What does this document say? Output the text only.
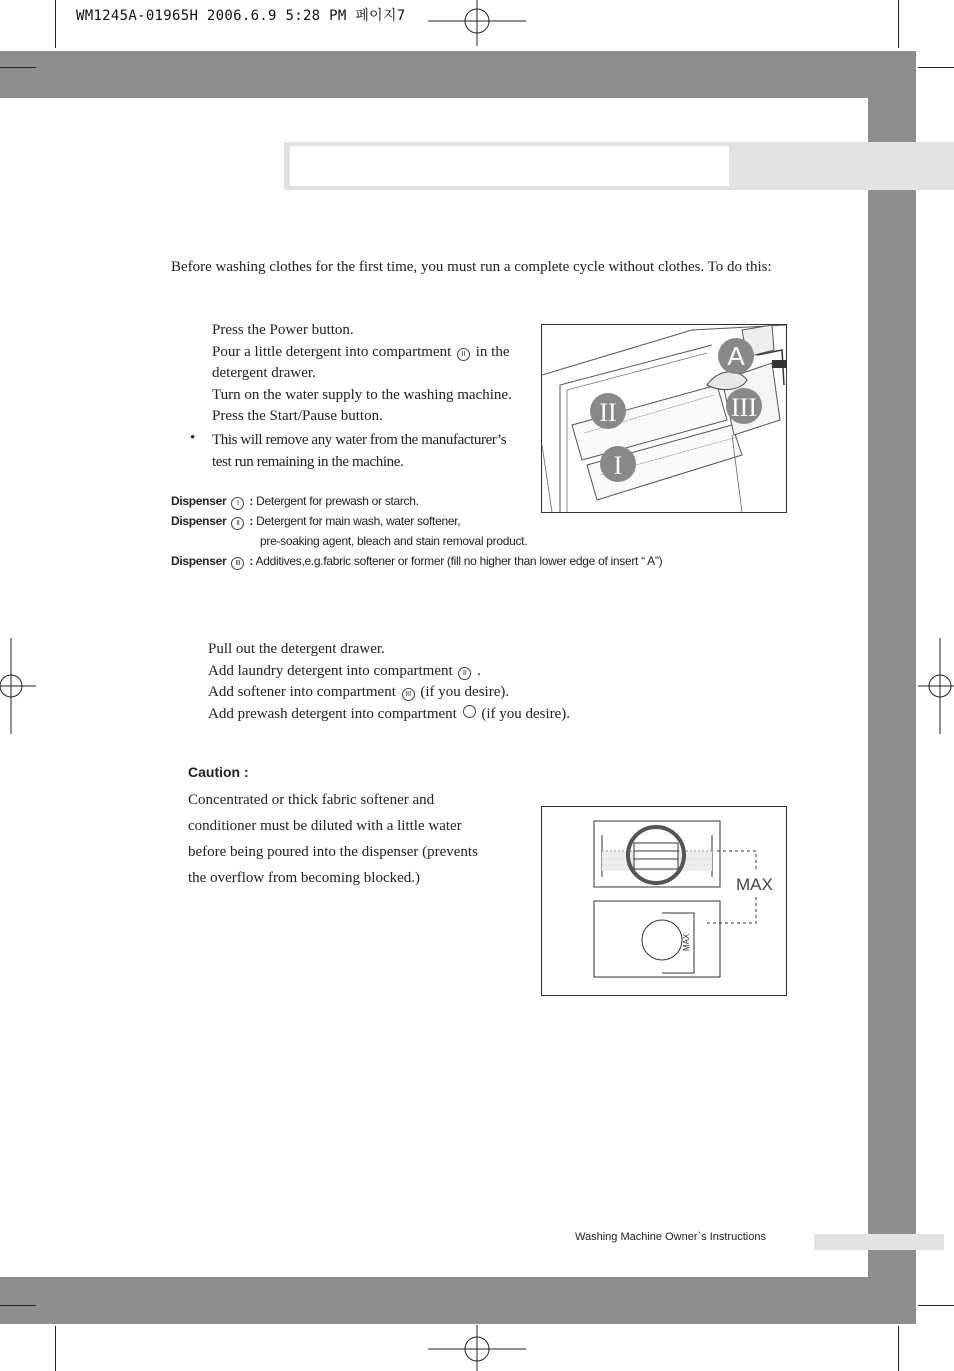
WM1245A-01965H 2006.6.9 5:28 PM 페이지7
Before washing clothes for the first time, you must run a complete cycle without clothes. To do this:
Press the Power button.
Pour a little detergent into compartment II in the
detergent drawer.
Turn on the water supply to the washing machine.
Press the Start/Pause button.
• This will remove any water from the manufacturer’s
test run remaining in the machine.
A
II	III
I
Dispenser I : Detergent for prewash or starch.
Dispenser II : Detergent for main wash, water softener,
pre-soaking agent, bleach and stain removal product.
Dispenser III : Additives,e.g.fabric softener or former (fill no higher than lower edge of insert “ A”)
Pull out the detergent drawer.
Add laundry detergent into compartment II .
Add softener into compartment III (if you desire).
Add prewash detergent into compartment (if you desire).
Caution :
Concentrated or thick fabric softener and
conditioner must be diluted with a little water
before being poured into the dispenser (prevents
the overflow from becoming blocked.)
MAX
MAX
Washing Machine Owner`s Instructions
